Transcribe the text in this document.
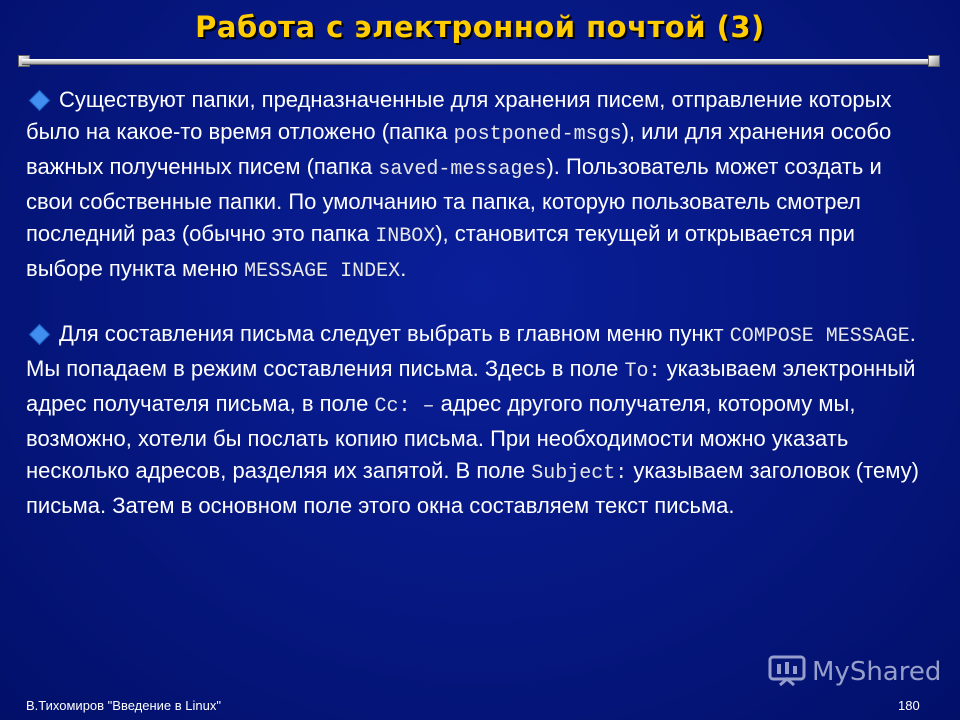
Работа с электронной почтой (3)

Существуют папки, предназначенные для хранения писем, отправление которых было на какое-то время отложено (папка postponed-msgs), или для хранения особо важных полученных писем (папка saved-messages). Пользователь может создать и свои собственные папки. По умолчанию та папка, которую пользователь смотрел последний раз (обычно это папка INBOX), становится текущей и открывается при выборе пункта меню MESSAGE INDEX.

Для составления письма следует выбрать в главном меню пункт COMPOSE MESSAGE. Мы попадаем в режим составления письма. Здесь в поле To: указываем электронный адрес получателя письма, в поле Cc: – адрес другого получателя, которому мы, возможно, хотели бы послать копию письма. При необходимости можно указать несколько адресов, разделяя их запятой. В поле Subject: указываем заголовок (тему) письма. Затем в основном поле этого окна составляем текст письма.

MyShared
В.Тихомиров "Введение в Linux"	180
